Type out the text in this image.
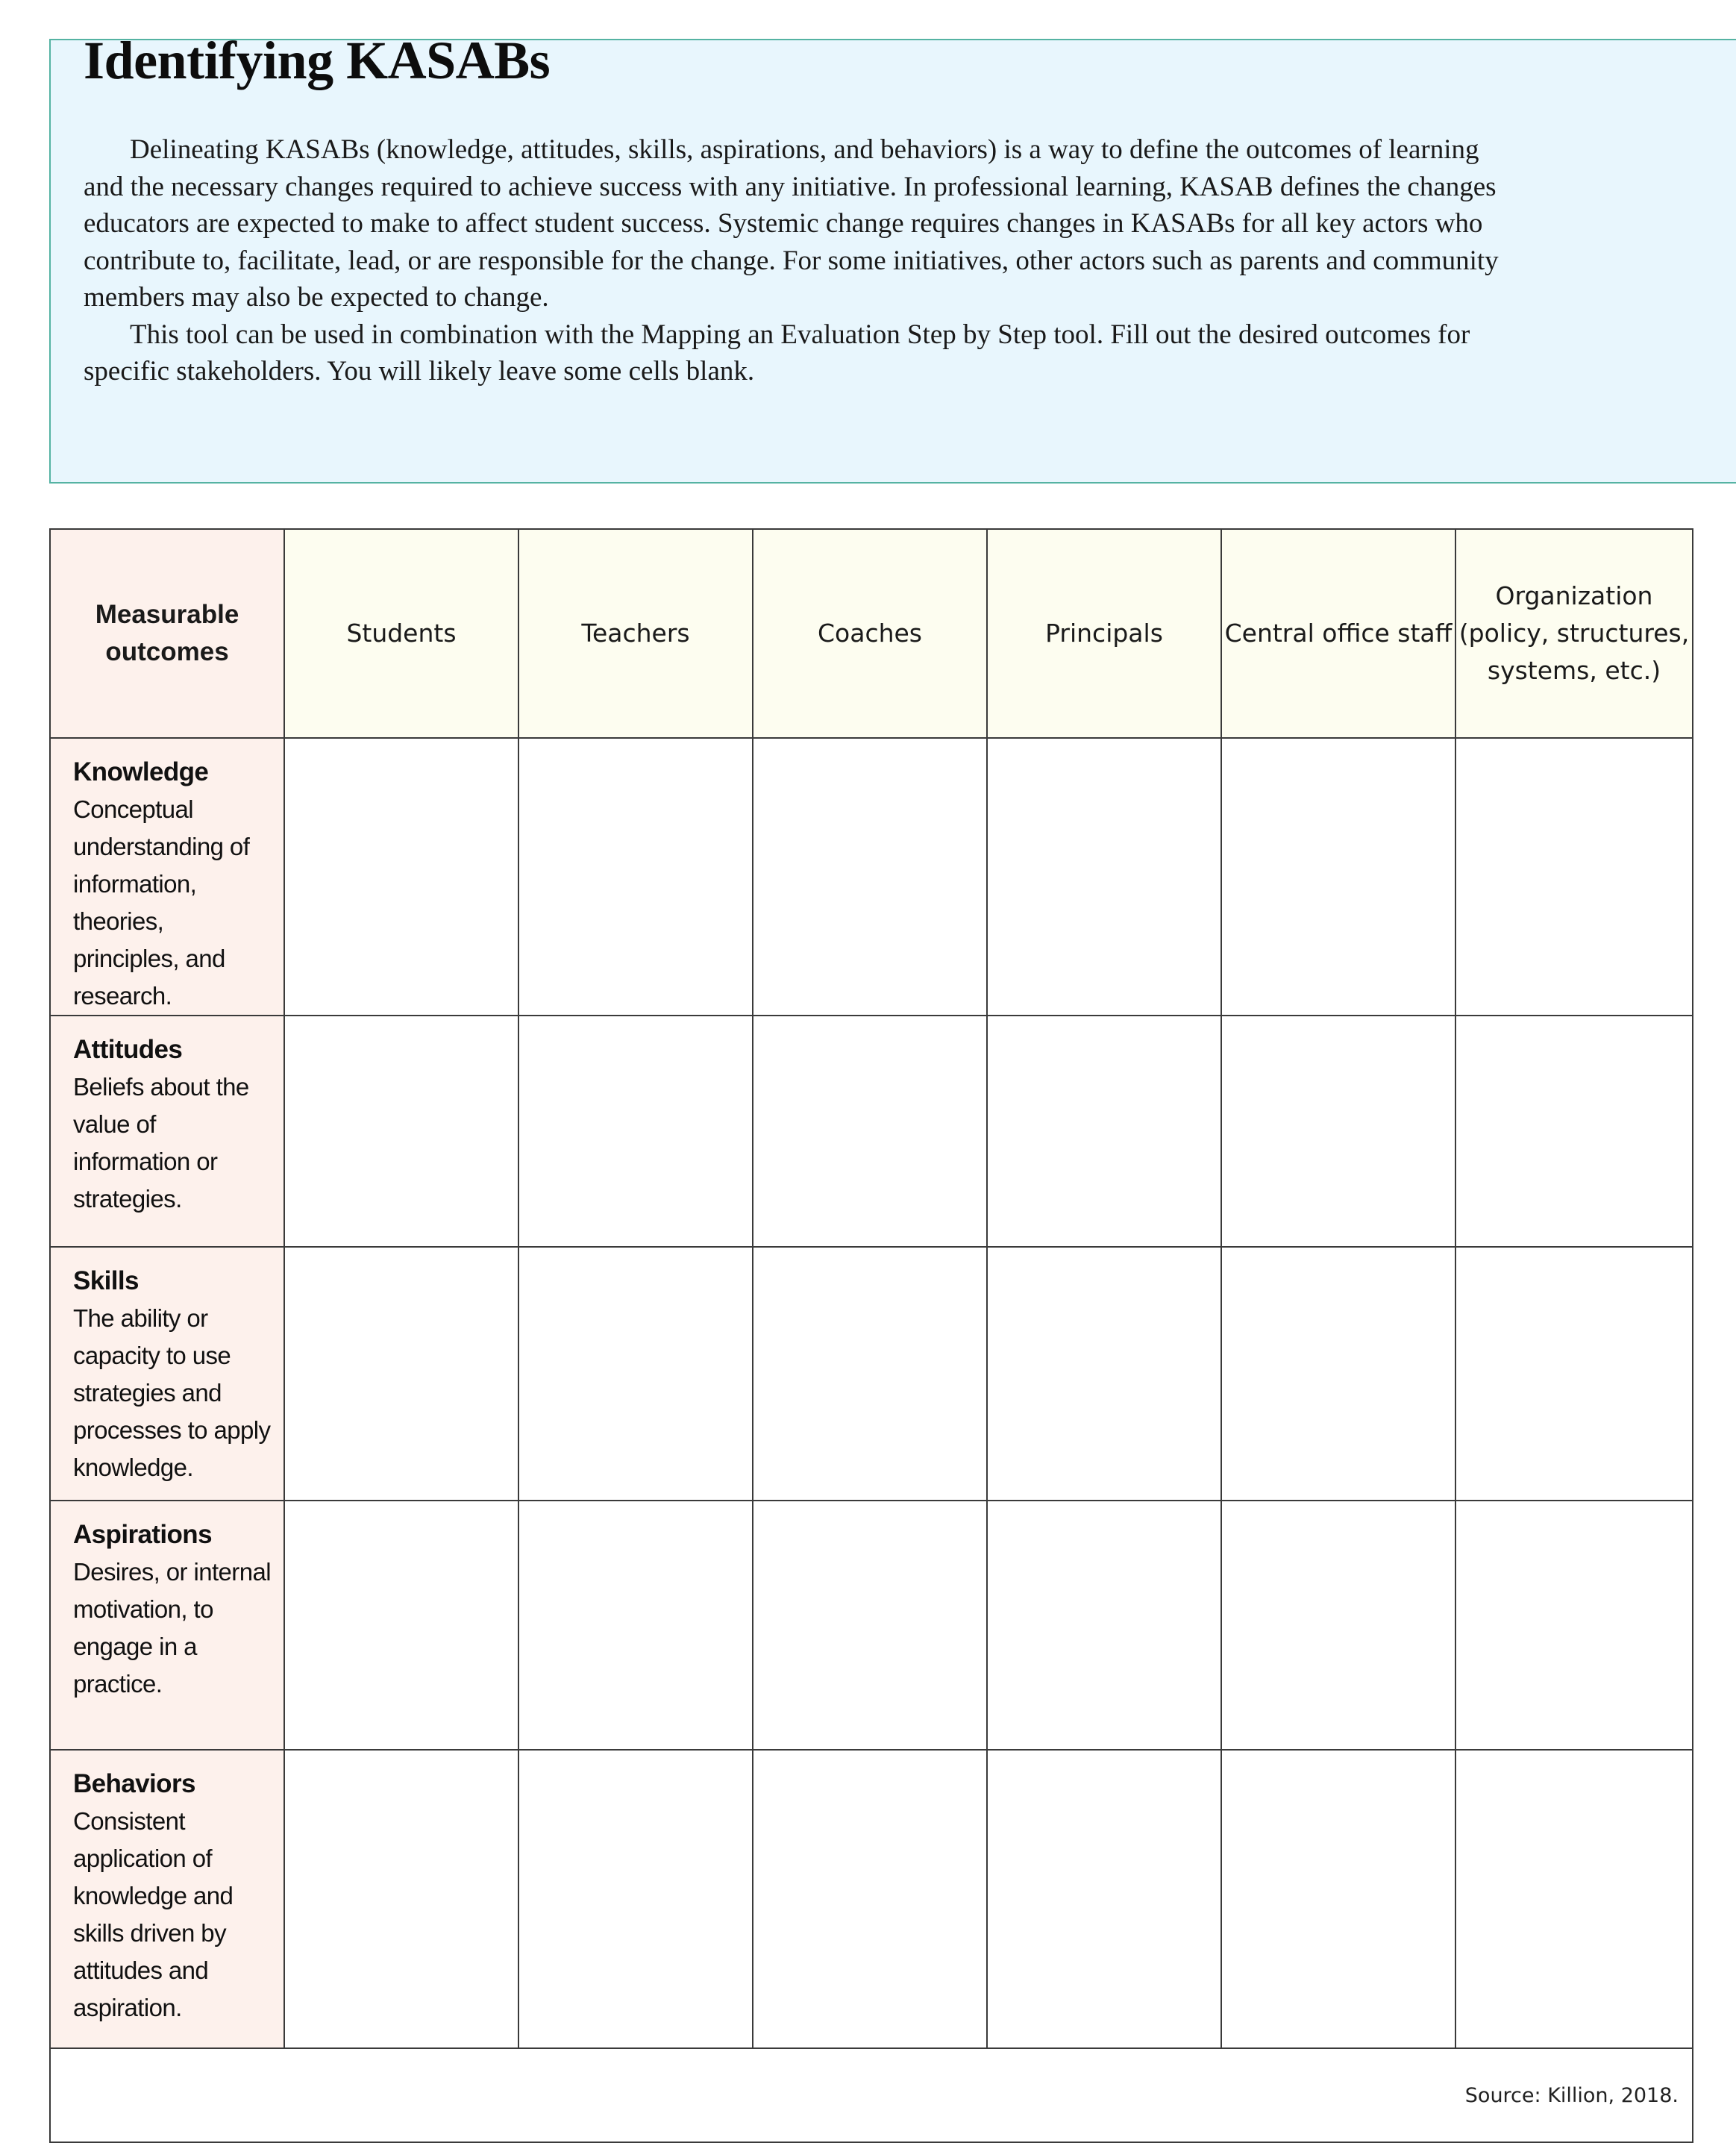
Identifying KASABs

Delineating KASABs (knowledge, attitudes, skills, aspirations, and behaviors) is a way to define the outcomes of learning and the necessary changes required to achieve success with any initiative. In professional learning, KASAB defines the changes educators are expected to make to affect student success. Systemic change requires changes in KASABs for all key actors who contribute to, facilitate, lead, or are responsible for the change. For some initiatives, other actors such as parents and community members may also be expected to change.

This tool can be used in combination with the Mapping an Evaluation Step by Step tool. Fill out the desired outcomes for specific stakeholders. You will likely leave some cells blank.

Measurable outcomes	Students	Teachers	Coaches	Principals	Central office staff	Organization (policy, structures, systems, etc.)

Knowledge
Conceptual understanding of information, theories, principles, and research.						

Attitudes
Beliefs about the value of information or strategies.						

Skills
The ability or capacity to use strategies and processes to apply knowledge.						

Aspirations
Desires, or internal motivation, to engage in a practice.						

Behaviors
Consistent application of knowledge and skills driven by attitudes and aspiration.						

Source: Killion, 2018.						
